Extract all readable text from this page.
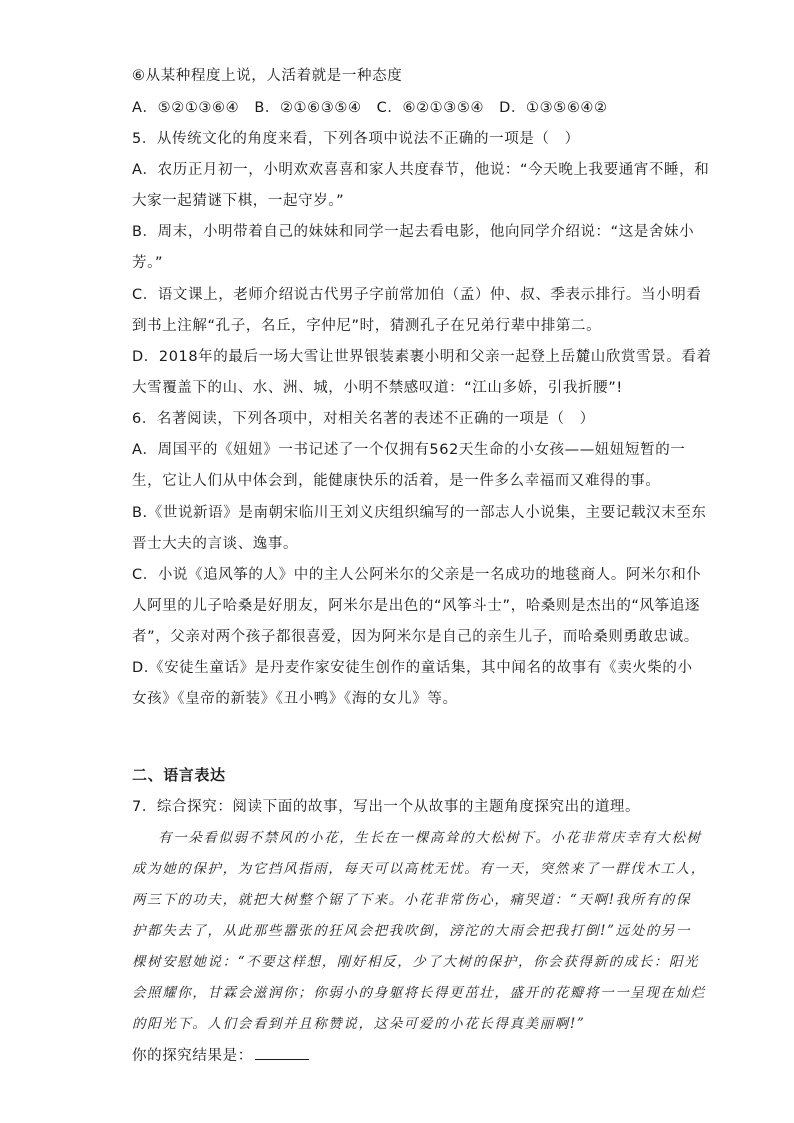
⑥从某种程度上说，人活着就是一种态度
A．⑤②①③⑥④　B．②①⑥③⑤④　C．⑥②①③⑤④　D．①③⑤⑥④②
5．从传统文化的角度来看，下列各项中说法不正确的一项是（　）
A．农历正月初一，小明欢欢喜喜和家人共度春节，他说：“今天晚上我要通宵不睡，和
大家一起猜谜下棋，一起守岁。”
B．周末，小明带着自己的妹妹和同学一起去看电影，他向同学介绍说：“这是舍妹小
芳。”
C．语文课上，老师介绍说古代男子字前常加伯（孟）仲、叔、季表示排行。当小明看
到书上注解“孔子，名丘，字仲尼”时，猜测孔子在兄弟行辈中排第二。
D．2018年的最后一场大雪让世界银装素裹小明和父亲一起登上岳麓山欣赏雪景。看着
大雪覆盖下的山、水、洲、城，小明不禁感叹道：“江山多娇，引我折腰”!
6．名著阅读，下列各项中，对相关名著的表述不正确的一项是（　）
A．周国平的《妞妞》一书记述了一个仅拥有562天生命的小女孩——妞妞短暂的一
生，它让人们从中体会到，能健康快乐的活着，是一件多么幸福而又难得的事。
B.《世说新语》是南朝宋临川王刘义庆组织编写的一部志人小说集，主要记载汉末至东
晋士大夫的言谈、逸事。
C．小说《追风筝的人》中的主人公阿米尔的父亲是一名成功的地毯商人。阿米尔和仆
人阿里的儿子哈桑是好朋友，阿米尔是出色的“风筝斗士”，哈桑则是杰出的“风筝追逐
者”，父亲对两个孩子都很喜爱，因为阿米尔是自己的亲生儿子，而哈桑则勇敢忠诚。
D.《安徒生童话》是丹麦作家安徒生创作的童话集，其中闻名的故事有《卖火柴的小
女孩》《皇帝的新装》《丑小鸭》《海的女儿》等。
二、语言表达
7．综合探究：阅读下面的故事，写出一个从故事的主题角度探究出的道理。
有一朵看似弱不禁风的小花，生长在一棵高耸的大松树下。小花非常庆幸有大松树
成为她的保护，为它挡风指雨，每天可以高枕无忧。有一天，突然来了一群伐木工人，
两三下的功夫，就把大树整个锯了下来。小花非常伤心，痛哭道：“天啊!我所有的保
护都失去了，从此那些嚣张的狂风会把我吹倒，滂沱的大雨会把我打倒!”远处的另一
棵树安慰她说：“不要这样想，刚好相反，少了大树的保护，你会获得新的成长：阳光
会照耀你，甘霖会滋润你；你弱小的身躯将长得更茁壮，盛开的花瓣将一一呈现在灿烂
的阳光下。人们会看到并且称赞说，这朵可爱的小花长得真美丽啊!”
你的探究结果是：
